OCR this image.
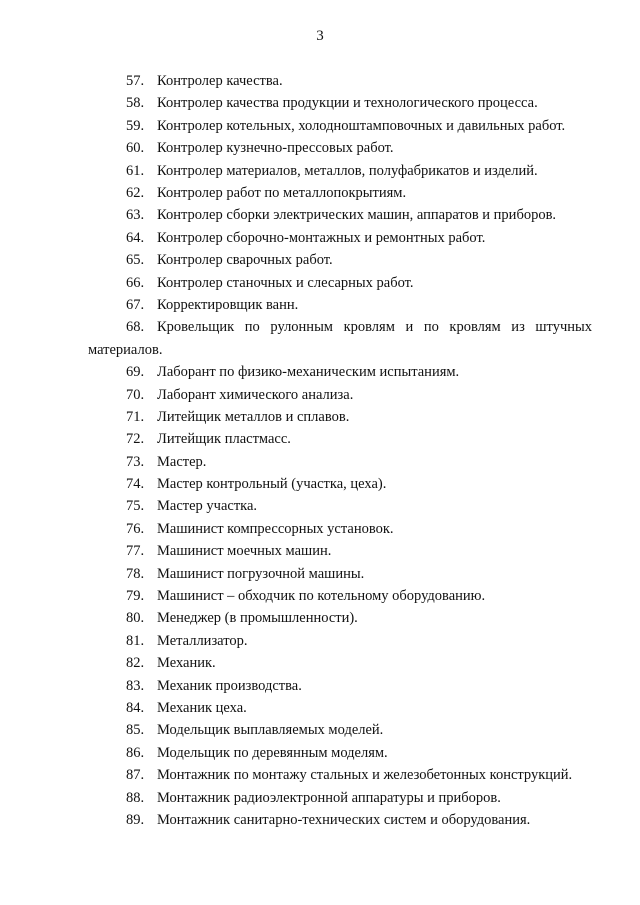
3
57. Контролер качества.
58. Контролер качества продукции и технологического процесса.
59. Контролер котельных, холодноштамповочных и давильных работ.
60. Контролер кузнечно-прессовых работ.
61. Контролер материалов, металлов, полуфабрикатов и изделий.
62. Контролер работ по металлопокрытиям.
63. Контролер сборки электрических машин, аппаратов и приборов.
64. Контролер сборочно-монтажных и ремонтных работ.
65. Контролер сварочных работ.
66. Контролер станочных и слесарных работ.
67. Корректировщик ванн.
68. Кровельщик по рулонным кровлям и по кровлям из штучных
материалов.
69. Лаборант по физико-механическим испытаниям.
70. Лаборант химического анализа.
71. Литейщик металлов и сплавов.
72. Литейщик пластмасс.
73. Мастер.
74. Мастер контрольный (участка, цеха).
75. Мастер участка.
76. Машинист компрессорных установок.
77. Машинист моечных машин.
78. Машинист погрузочной машины.
79. Машинист – обходчик по котельному оборудованию.
80. Менеджер (в промышленности).
81. Металлизатор.
82. Механик.
83. Механик производства.
84. Механик цеха.
85. Модельщик выплавляемых моделей.
86. Модельщик по деревянным моделям.
87. Монтажник по монтажу стальных и железобетонных конструкций.
88. Монтажник радиоэлектронной аппаратуры и приборов.
89. Монтажник санитарно-технических систем и оборудования.
